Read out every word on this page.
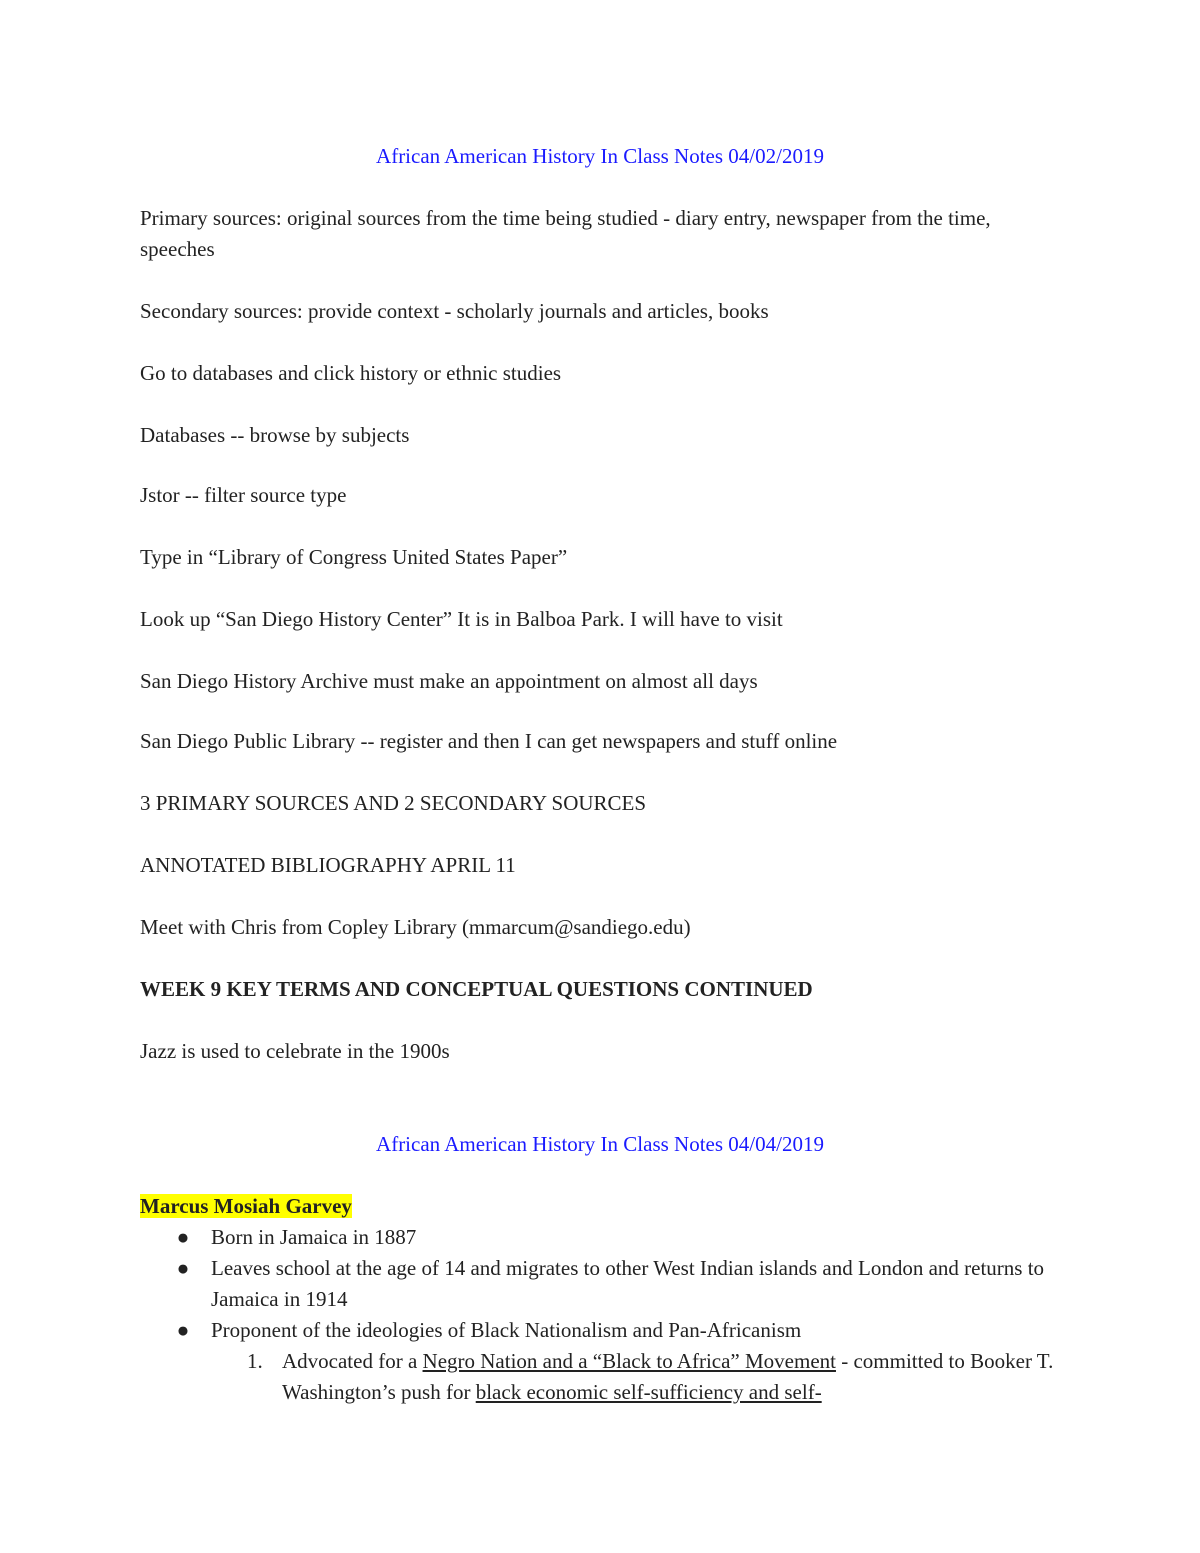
African American History In Class Notes 04/02/2019
Primary sources: original sources from the time being studied - diary entry, newspaper from the time, speeches
Secondary sources: provide context - scholarly journals and articles, books
Go to databases and click history or ethnic studies
Databases -- browse by subjects
Jstor -- filter source type
Type in “Library of Congress United States Paper”
Look up “San Diego History Center” It is in Balboa Park. I will have to visit
San Diego History Archive must make an appointment on almost all days
San Diego Public Library -- register and then I can get newspapers and stuff online
3 PRIMARY SOURCES AND 2 SECONDARY SOURCES
ANNOTATED BIBLIOGRAPHY APRIL 11
Meet with Chris from Copley Library (mmarcum@sandiego.edu)
WEEK 9 KEY TERMS AND CONCEPTUAL QUESTIONS CONTINUED
Jazz is used to celebrate in the 1900s
African American History In Class Notes 04/04/2019
Marcus Mosiah Garvey
● Born in Jamaica in 1887
● Leaves school at the age of 14 and migrates to other West Indian islands and London and returns to Jamaica in 1914
● Proponent of the ideologies of Black Nationalism and Pan-Africanism
1. Advocated for a Negro Nation and a “Black to Africa” Movement - committed to Booker T. Washington’s push for black economic self-sufficiency and self-
